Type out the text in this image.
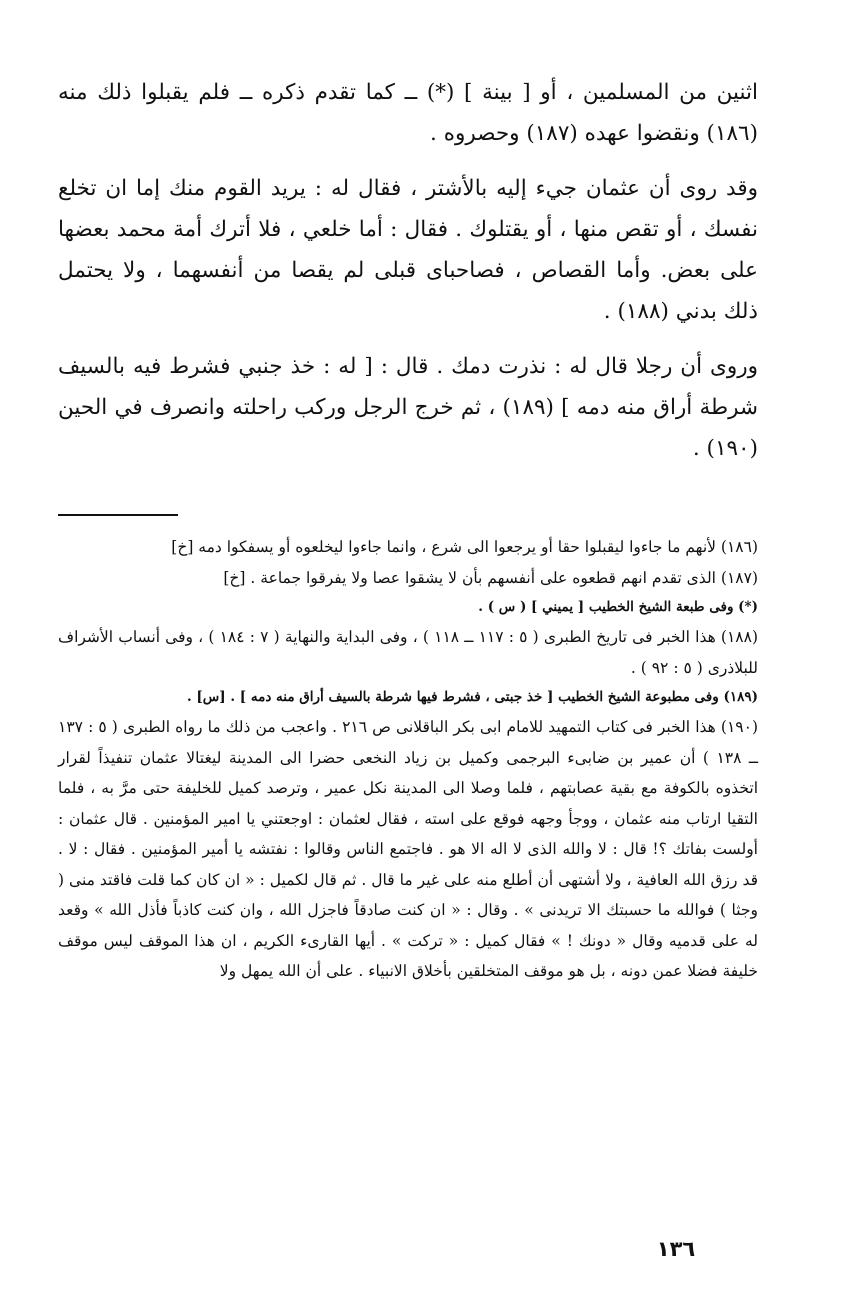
اثنين من المسلمين ، أو [ بينة ] (*) ــ كما تقدم ذكره ــ فلم يقبلوا ذلك منه (١٨٦) ونقضوا عهده (١٨٧) وحصروه .

وقد روى أن عثمان جيء إليه بالأشتر ، فقال له : يريد القوم منك إما ان تخلع نفسك ، أو تقص منها ، أو يقتلوك . فقال : أما خلعي ، فلا أترك أمة محمد بعضها على بعض. وأما القصاص ، فصاحباى قبلى لم يقصا من أنفسهما ، ولا يحتمل ذلك بدني (١٨٨) .

وروى أن رجلا قال له : نذرت دمك . قال : [ له : خذ جنبي فشرط فيه بالسيف شرطة أراق منه دمه ] (١٨٩) ، ثم خرج الرجل وركب راحلته وانصرف في الحين (١٩٠) .

(١٨٦) لأنهم ما جاءوا ليقبلوا حقا أو يرجعوا الى شرع ، وانما جاءوا ليخلعوه أو يسفكوا دمه [خ]

(١٨٧) الذى تقدم انهم قطعوه على أنفسهم بأن لا يشقوا عصا ولا يفرقوا جماعة . [خ]

(*) وفى طبعة الشيخ الخطيب [ يميني ] ( س ) .

(١٨٨) هذا الخبر فى تاريخ الطبرى ( ٥ : ١١٧ ــ ١١٨ ) ، وفى البداية والنهاية ( ٧ : ١٨٤ ) ، وفى أنساب الأشراف للبلاذرى ( ٥ : ٩٢ ) .

(١٨٩) وفى مطبوعة الشيخ الخطيب [ خذ جبتى ، فشرط فيها شرطة بالسيف أراق منه دمه ] . [س] .

(١٩٠) هذا الخبر فى كتاب التمهيد للامام ابى بكر الباقلانى ص ٢١٦ . واعجب من ذلك ما رواه الطبرى ( ٥ : ١٣٧ ــ ١٣٨ ) أن عمير بن ضابىء البرجمى وكميل بن زياد النخعى حضرا الى المدينة ليغتالا عثمان تنفيذاً لقرار اتخذوه بالكوفة مع بقية عصابتهم ، فلما وصلا الى المدينة نكل عمير ، وترصد كميل للخليفة حتى مرَّ به ، فلما التقيا ارتاب منه عثمان ، ووجأ وجهه فوقع على استه ، فقال لعثمان : اوجعتني يا امير المؤمنين . قال عثمان : أولست بفاتك ؟! قال : لا والله الذى لا اله الا هو . فاجتمع الناس وقالوا : نفتشه يا أمير المؤمنين . فقال : لا . قد رزق الله العافية ، ولا أشتهى أن أطلع منه على غير ما قال . ثم قال لكميل : « ان كان كما قلت فاقتد منى ( وجثا ) فوالله ما حسبتك الا تريدنى » . وقال : « ان كنت صادقاً فاجزل الله ، وان كنت كاذباً فأذل الله » وقعد له على قدميه وقال « دونك ! » فقال كميل : « تركت » . أيها القارىء الكريم ، ان هذا الموقف ليس موقف خليفة فضلا عمن دونه ، بل هو موقف المتخلقين بأخلاق الانبياء . على أن الله يمهل ولا

١٣٦
